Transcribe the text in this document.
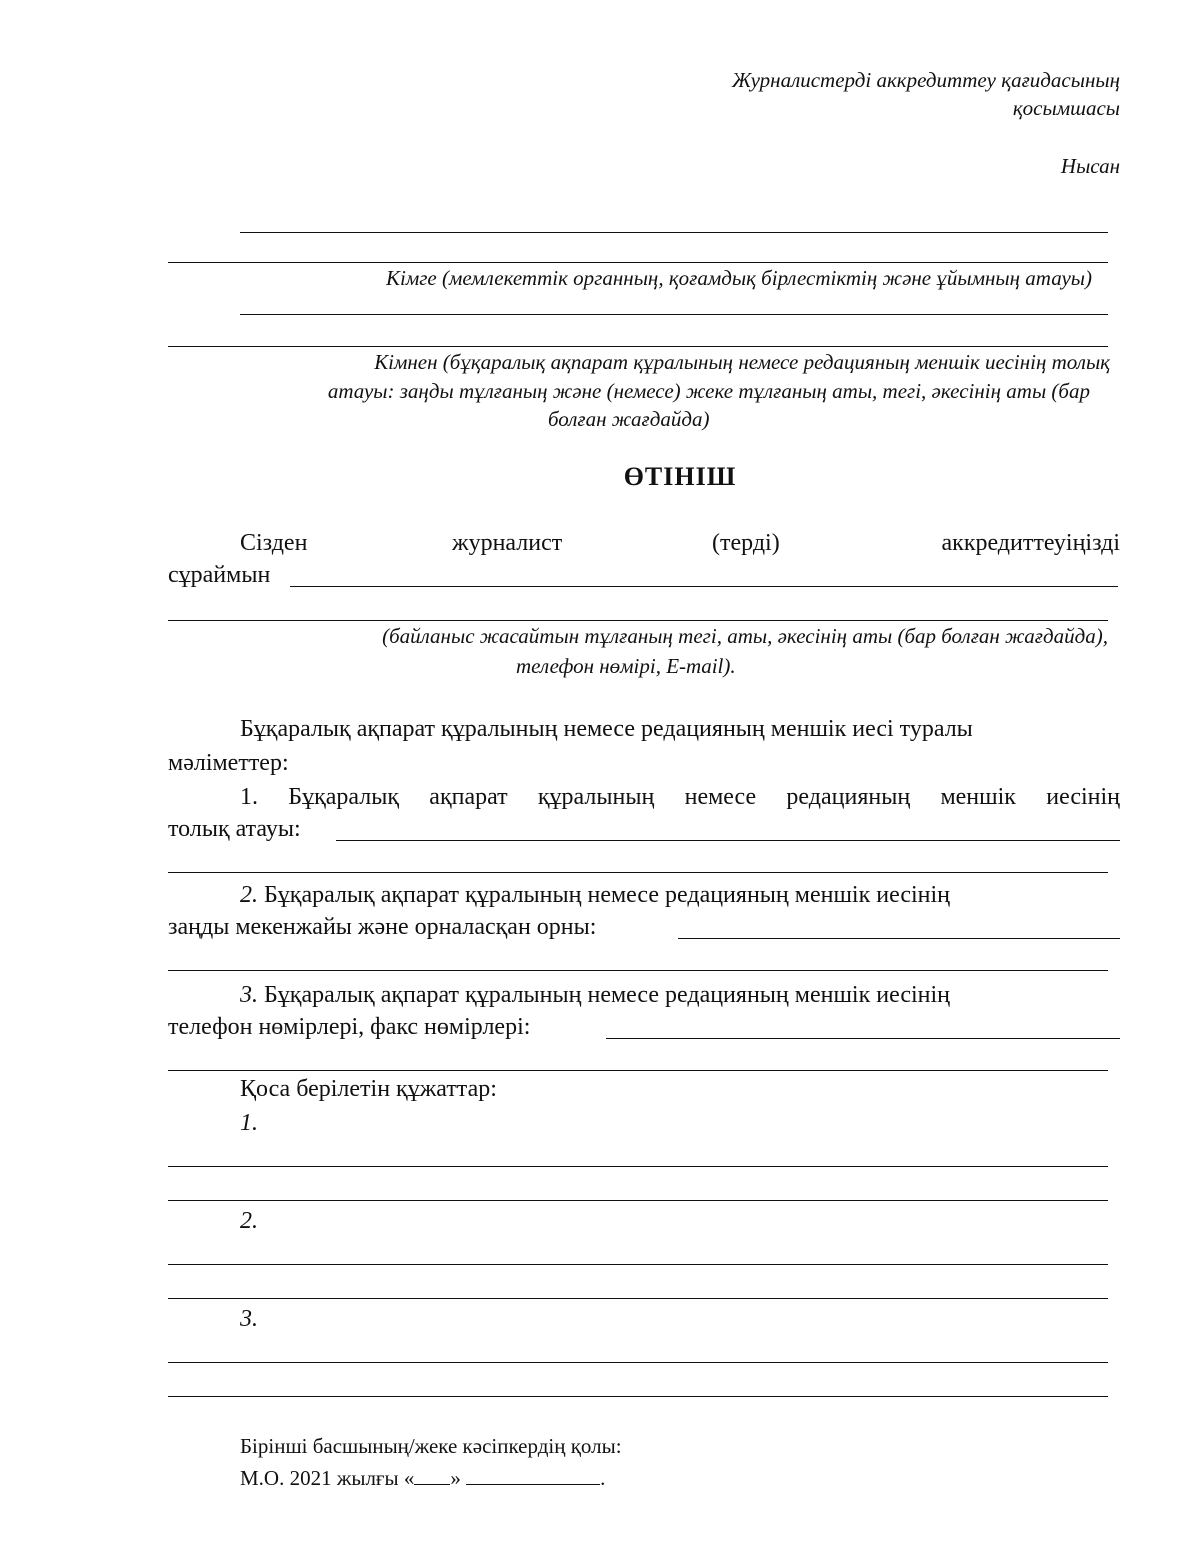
Журналистерді аккредиттеу қағидасының
қосымшасы
Нысан
Кімге (мемлекеттік органның, қоғамдық бірлестіктің және ұйымның атауы)
Кімнен (бұқаралық ақпарат құралының немесе редацияның меншік иесінің толық
атауы: заңды тұлғаның және (немесе) жеке тұлғаның аты, тегі, әкесінің аты (бар
болған жағдайда)
ӨТІНІШ
Сізден	журналист	(терді)	аккредиттеуіңізді
сұраймын
(байланыс жасайтын тұлғаның тегі, аты, әкесінің аты (бар болған жағдайда),
телефон нөмірі, E-mail).
Бұқаралық ақпарат құралының немесе редацияның меншік иесі туралы
мәліметтер:
1. Бұқаралық ақпарат құралының немесе редацияның меншік иесінің
толық атауы:
2. Бұқаралық ақпарат құралының немесе редацияның меншік иесінің
заңды мекенжайы және орналасқан орны:
3. Бұқаралық ақпарат құралының немесе редацияның меншік иесінің
телефон нөмірлері, факс нөмірлері:
Қоса берілетін құжаттар:
1.
2.
3.
Бірінші басшының/жеке кәсіпкердің қолы:
М.О. 2021 жылғы « »	.
